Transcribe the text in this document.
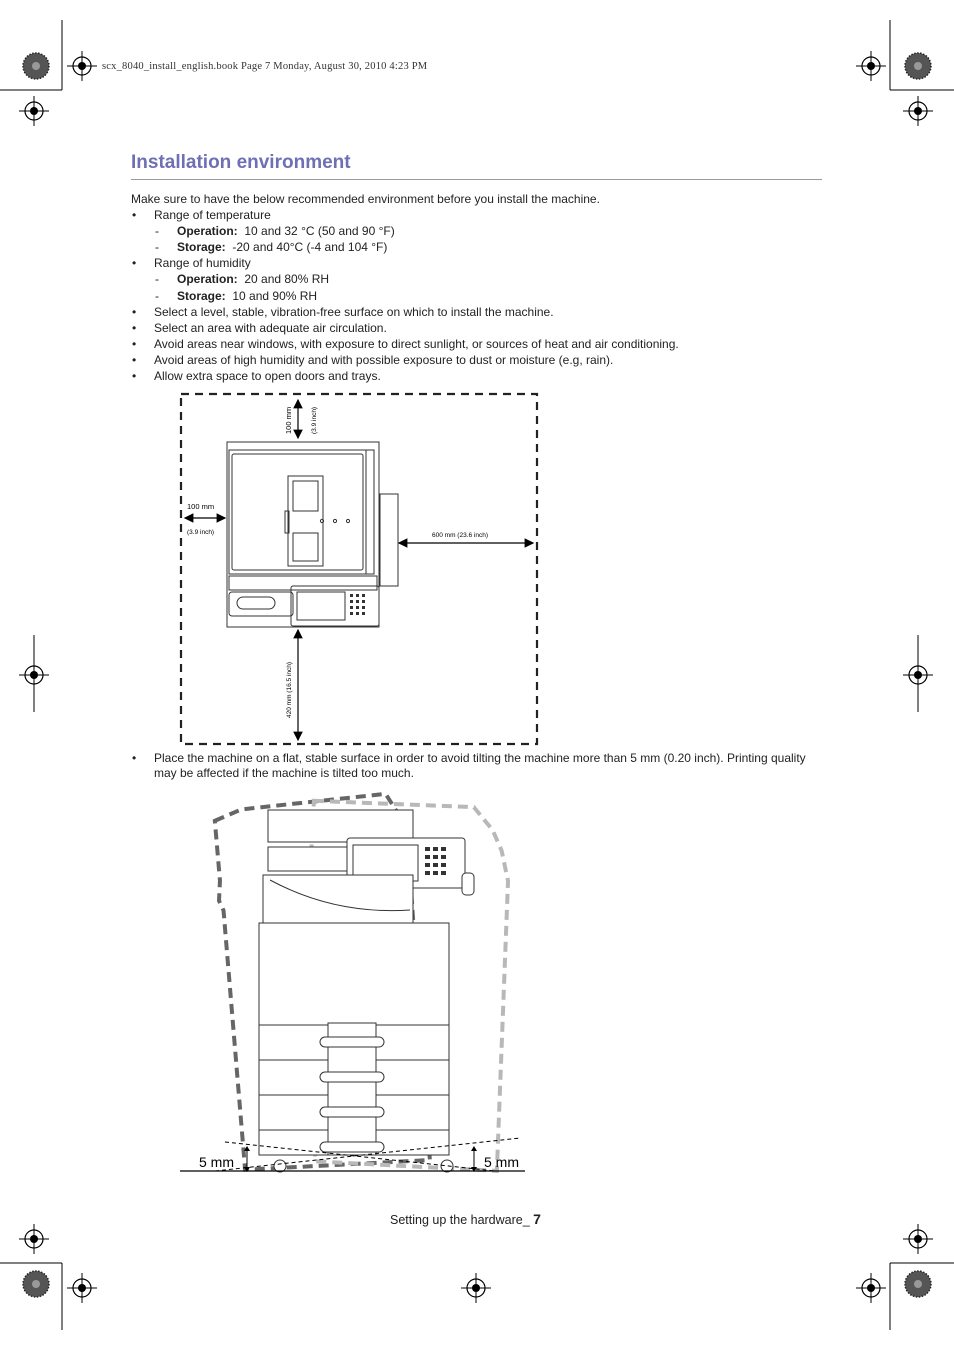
scx_8040_install_english.book Page 7 Monday, August 30, 2010 4:23 PM
Installation environment
Make sure to have the below recommended environment before you install the machine.
• Range of temperature
- Operation: 10 and 32 °C (50 and 90 °F)
- Storage: -20 and 40°C (-4 and 104 °F)
• Range of humidity
- Operation: 20 and 80% RH
- Storage: 10 and 90% RH
• Select a level, stable, vibration-free surface on which to install the machine.
• Select an area with adequate air circulation.
• Avoid areas near windows, with exposure to direct sunlight, or sources of heat and air conditioning.
• Avoid areas of high humidity and with possible exposure to dust or moisture (e.g, rain).
• Allow extra space to open doors and trays.
100 mm	(3.9 inch)
100 mm
(3.9 inch)	600 mm (23.6 inch)
420 mm (16.5 inch)
• Place the machine on a flat, stable surface in order to avoid tilting the machine more than 5 mm (0.20 inch). Printing quality may be affected if the machine is tilted too much.
5 mm	5 mm
Setting up the hardware_ 7
